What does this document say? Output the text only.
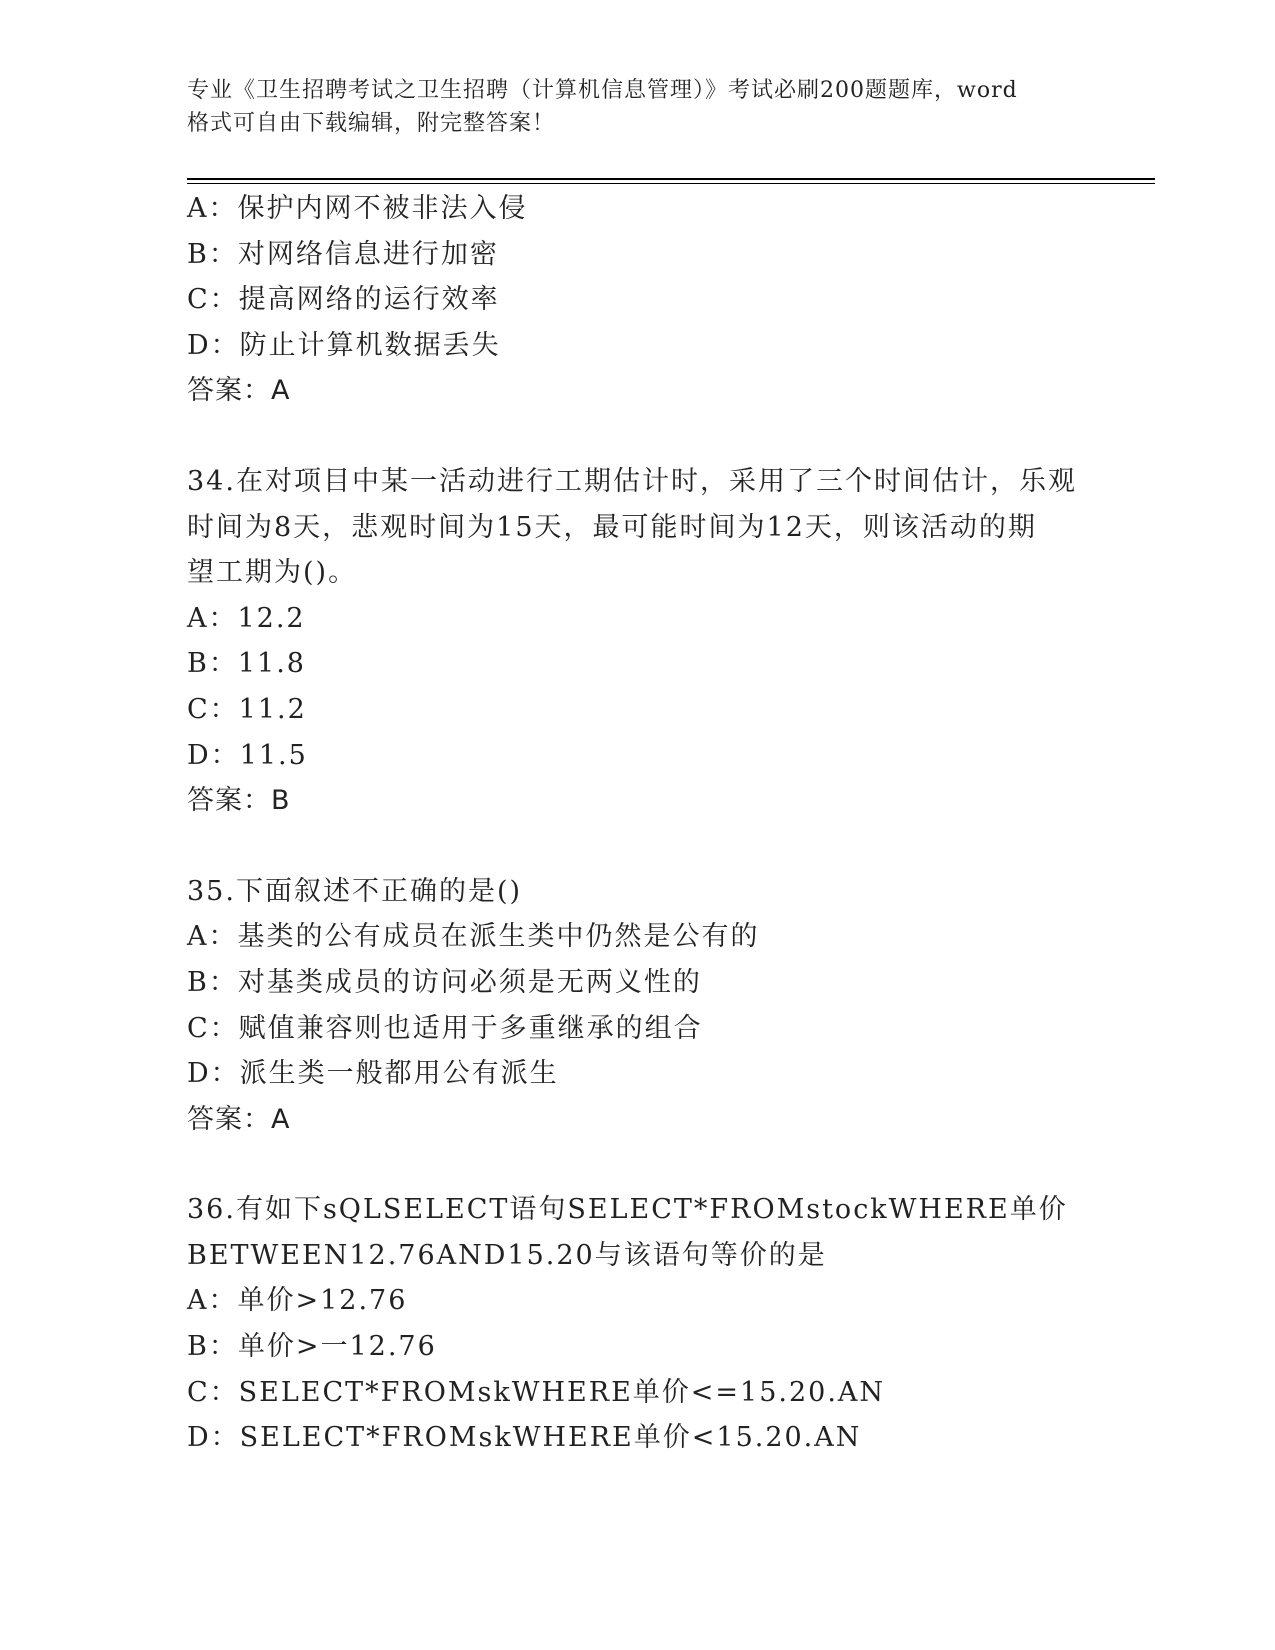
专业《卫生招聘考试之卫生招聘（计算机信息管理）》考试必刷200题题库，word
格式可自由下载编辑，附完整答案！
A：保护内网不被非法入侵
B：对网络信息进行加密
C：提高网络的运行效率
D：防止计算机数据丢失
答案：A
34.在对项目中某一活动进行工期估计时，采用了三个时间估计，乐观
时间为8天，悲观时间为15天，最可能时间为12天，则该活动的期
望工期为()。
A：12.2
B：11.8
C：11.2
D：11.5
答案：B
35.下面叙述不正确的是()
A：基类的公有成员在派生类中仍然是公有的
B：对基类成员的访问必须是无两义性的
C：赋值兼容则也适用于多重继承的组合
D：派生类一般都用公有派生
答案：A
36.有如下sQLSELECT语句SELECT*FROMstockWHERE单价
BETWEEN12.76AND15.20与该语句等价的是
A：单价>12.76
B：单价>一12.76
C：SELECT*FROMskWHERE单价<=15.20.AN
D：SELECT*FROMskWHERE单价<15.20.AN
